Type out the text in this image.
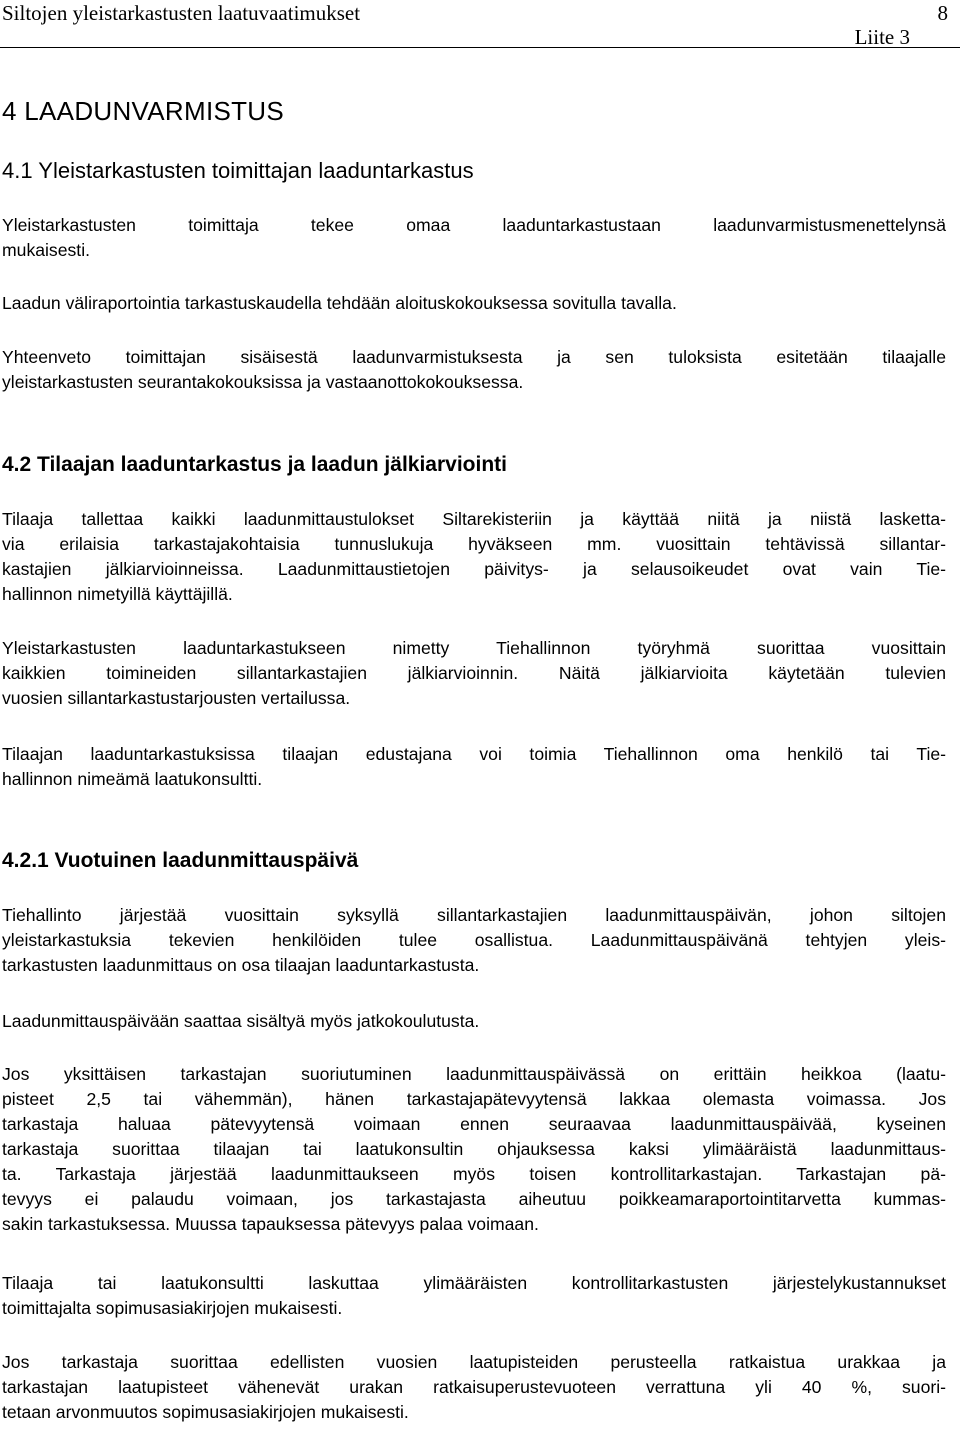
Siltojen yleistarkastusten laatuvaatimukset	8
Liite 3
4 LAADUNVARMISTUS
4.1 Yleistarkastusten toimittajan laaduntarkastus
Yleistarkastusten toimittaja tekee omaa laaduntarkastustaan laadunvarmistusmenettelynsä
mukaisesti.
Laadun väliraportointia tarkastuskaudella tehdään aloituskokouksessa sovitulla tavalla.
Yhteenveto toimittajan sisäisestä laadunvarmistuksesta ja sen tuloksista esitetään tilaajalle
yleistarkastusten seurantakokouksissa ja vastaanottokokouksessa.
4.2 Tilaajan laaduntarkastus ja laadun jälkiarviointi
Tilaaja tallettaa kaikki laadunmittaustulokset Siltarekisteriin ja käyttää niitä ja niistä lasketta-
via erilaisia tarkastajakohtaisia tunnuslukuja hyväkseen mm. vuosittain tehtävissä sillantar-
kastajien jälkiarvioinneissa. Laadunmittaustietojen päivitys- ja selausoikeudet ovat vain Tie-
hallinnon nimetyillä käyttäjillä.
Yleistarkastusten laaduntarkastukseen nimetty Tiehallinnon työryhmä suorittaa vuosittain
kaikkien toimineiden sillantarkastajien jälkiarvioinnin. Näitä jälkiarvioita käytetään tulevien
vuosien sillantarkastustarjousten vertailussa.
Tilaajan laaduntarkastuksissa tilaajan edustajana voi toimia Tiehallinnon oma henkilö tai Tie-
hallinnon nimeämä laatukonsultti.
4.2.1 Vuotuinen laadunmittauspäivä
Tiehallinto järjestää vuosittain syksyllä sillantarkastajien laadunmittauspäivän, johon siltojen
yleistarkastuksia tekevien henkilöiden tulee osallistua. Laadunmittauspäivänä tehtyjen yleis-
tarkastusten laadunmittaus on osa tilaajan laaduntarkastusta.
Laadunmittauspäivään saattaa sisältyä myös jatkokoulutusta.
Jos yksittäisen tarkastajan suoriutuminen laadunmittauspäivässä on erittäin heikkoa (laatu-
pisteet 2,5 tai vähemmän), hänen tarkastajapätevyytensä lakkaa olemasta voimassa. Jos
tarkastaja haluaa pätevyytensä voimaan ennen seuraavaa laadunmittauspäivää, kyseinen
tarkastaja suorittaa tilaajan tai laatukonsultin ohjauksessa kaksi ylimääräistä laadunmittaus-
ta. Tarkastaja järjestää laadunmittaukseen myös toisen kontrollitarkastajan. Tarkastajan pä-
tevyys ei palaudu voimaan, jos tarkastajasta aiheutuu poikkeamaraportointitarvetta kummas-
sakin tarkastuksessa. Muussa tapauksessa pätevyys palaa voimaan.
Tilaaja tai laatukonsultti laskuttaa ylimääräisten kontrollitarkastusten järjestelykustannukset
toimittajalta sopimusasiakirjojen mukaisesti.
Jos tarkastaja suorittaa edellisten vuosien laatupisteiden perusteella ratkaistua urakkaa ja
tarkastajan laatupisteet vähenevät urakan ratkaisuperustevuoteen verrattuna yli 40 %, suori-
tetaan arvonmuutos sopimusasiakirjojen mukaisesti.
